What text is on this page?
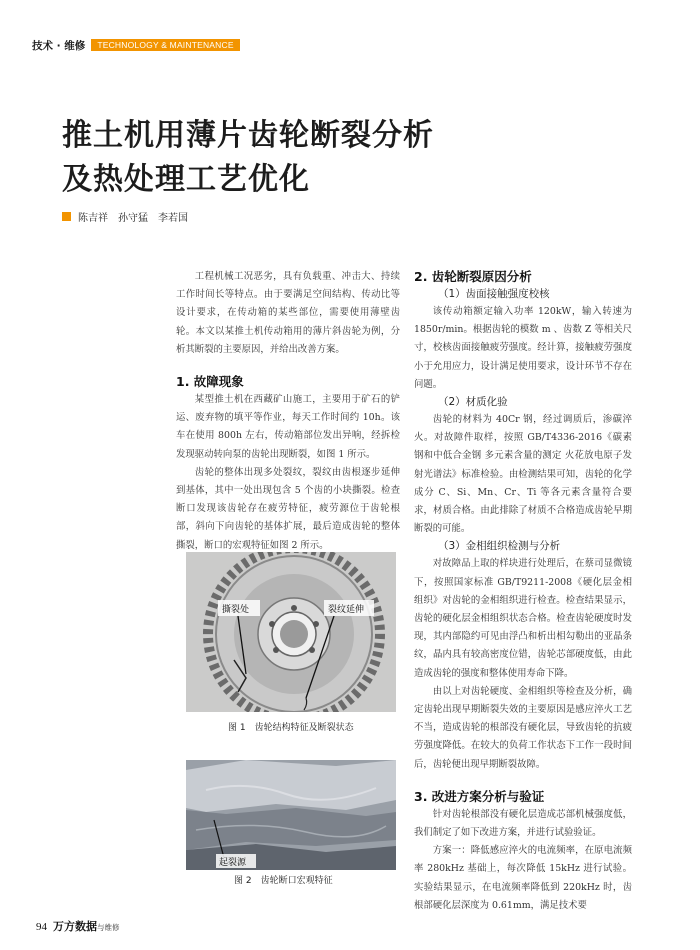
技术 · 维修	TECHNOLOGY & MAINTENANCE
推土机用薄片齿轮断裂分析
及热处理工艺优化
陈吉祥 孙守猛 李若国

工程机械工况恶劣，具有负载重、冲击大、持续工作时间长等特点。由于要满足空间结构、传动比等设计要求，在传动箱的某些部位，需要使用薄壁齿轮。本文以某推土机传动箱用的薄片斜齿轮为例，分析其断裂的主要原因，并给出改善方案。

1. 故障现象

某型推土机在西藏矿山施工，主要用于矿石的铲运、废弃物的填平等作业，每天工作时间约 10h。该车在使用 800h 左右，传动箱部位发出异响，经拆检发现驱动转向泵的齿轮出现断裂，如图 1 所示。

齿轮的整体出现多处裂纹，裂纹由齿根逐步延伸到基体，其中一处出现包含 5 个齿的小块撕裂。检查断口发现该齿轮存在疲劳特征，疲劳源位于齿轮根部，斜向下向齿轮的基体扩展，最后造成齿轮的整体撕裂，断口的宏观特征如图 2 所示。

撕裂处	裂纹延伸
图 1　齿轮结构特征及断裂状态
起裂源
图 2　齿轮断口宏观特征
2. 齿轮断裂原因分析
（1）齿面接触强度校核

该传动箱额定输入功率 120kW，输入转速为 1850r/min。根据齿轮的模数 m 、齿数 Z 等相关尺寸，校核齿面接触疲劳强度。经计算，接触疲劳强度小于允用应力，设计满足使用要求，设计环节不存在问题。

（2）材质化验

齿轮的材料为 40Cr 钢，经过调质后，渗碳淬火。对故障件取样，按照 GB/T4336-2016《碳素钢和中低合金钢 多元素含量的测定 火花放电原子发射光谱法》标准检验。由检测结果可知，齿轮的化学成分 C、Si、Mn、Cr、Ti 等各元素含量符合要求，材质合格。由此排除了材质不合格造成齿轮早期断裂的可能。

（3）金相组织检测与分析

对故障品上取的样块进行处理后，在蔡司显微镜下，按照国家标准 GB/T9211-2008《硬化层金相组织》对齿轮的金相组织进行检查。检查结果显示，齿轮的硬化层金相组织状态合格。检查齿轮硬度时发现，其内部隐约可见由浮凸和析出相勾勒出的亚晶条纹，晶内具有较高密度位错，齿轮芯部硬度低，由此造成齿轮的强度和整体使用寿命下降。

由以上对齿轮硬度、金相组织等检查及分析，确定齿轮出现早期断裂失效的主要原因是感应淬火工艺不当，造成齿轮的根部没有硬化层，导致齿轮的抗疲劳强度降低。在较大的负荷工作状态下工作一段时间后，齿轮便出现早期断裂故障。

3. 改进方案分析与验证

针对齿轮根部没有硬化层造成芯部机械强度低，我们制定了如下改进方案，并进行试验验证。

方案一：降低感应淬火的电流频率，在原电流频率 280kHz 基础上，每次降低 15kHz 进行试验。实验结果显示，在电流频率降低到 220kHz 时，齿根部硬化层深度为 0.61mm，满足技术要

94 万方数据 与维修
